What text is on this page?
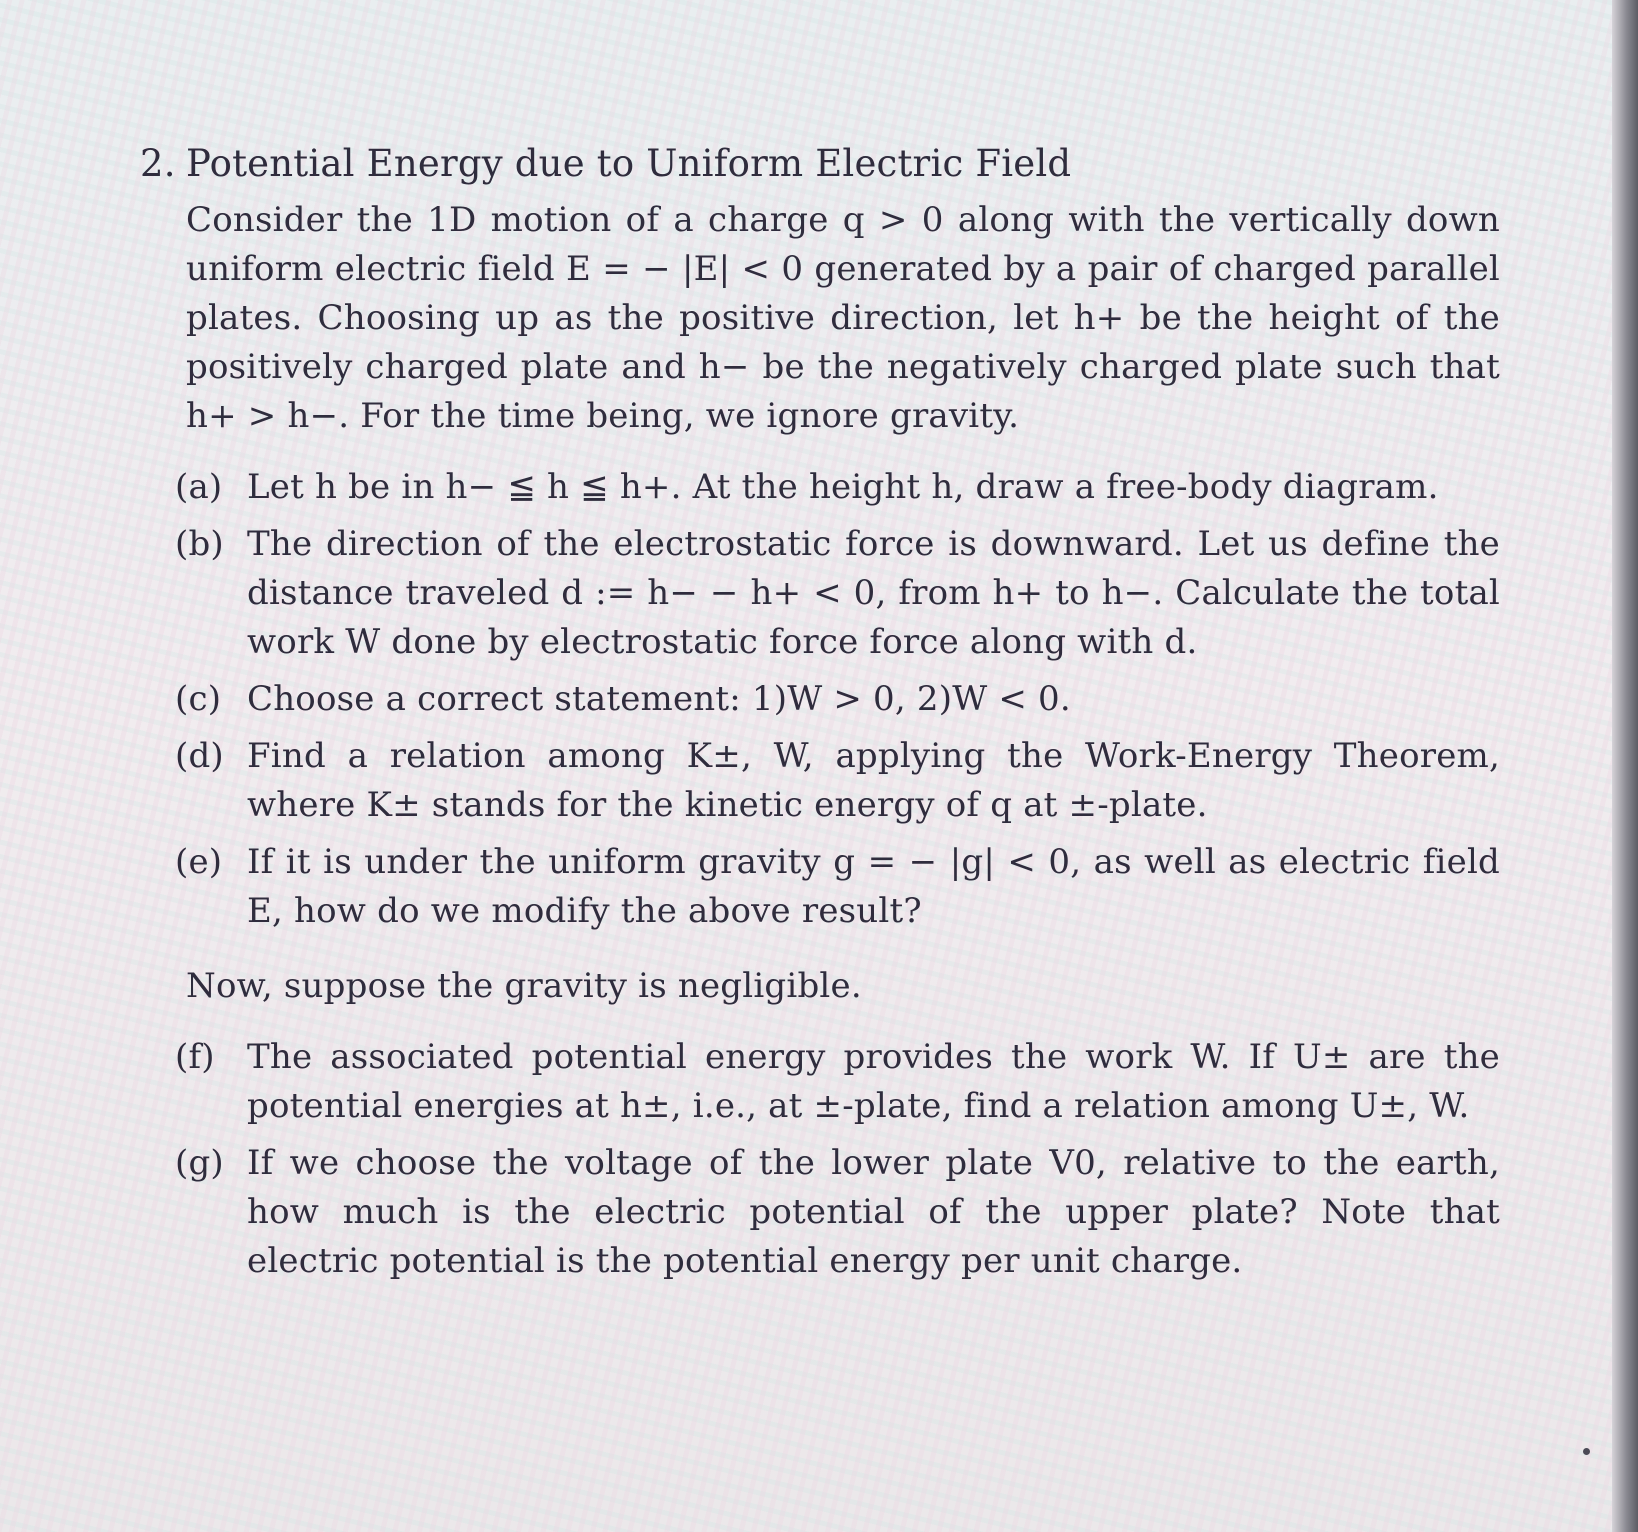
2. Potential Energy due to Uniform Electric Field
Consider the 1D motion of a charge q > 0 along with the vertically down uniform electric field E = − |E| < 0 generated by a pair of charged parallel plates. Choosing up as the positive direction, let h+ be the height of the positively charged plate and h− be the negatively charged plate such that h+ > h−. For the time being, we ignore gravity.
(a) Let h be in h− ≦ h ≦ h+. At the height h, draw a free-body diagram.
(b) The direction of the electrostatic force is downward. Let us define the distance traveled d := h− − h+ < 0, from h+ to h−. Calculate the total work W done by electrostatic force force along with d.
(c) Choose a correct statement: 1)W > 0, 2)W < 0.
(d) Find a relation among K±, W, applying the Work-Energy Theorem, where K± stands for the kinetic energy of q at ±-plate.
(e) If it is under the uniform gravity g = − |g| < 0, as well as electric field E, how do we modify the above result?
Now, suppose the gravity is negligible.
(f) The associated potential energy provides the work W. If U± are the potential energies at h±, i.e., at ±-plate, find a relation among U±, W.
(g) If we choose the voltage of the lower plate V0, relative to the earth, how much is the electric potential of the upper plate? Note that electric potential is the potential energy per unit charge.
